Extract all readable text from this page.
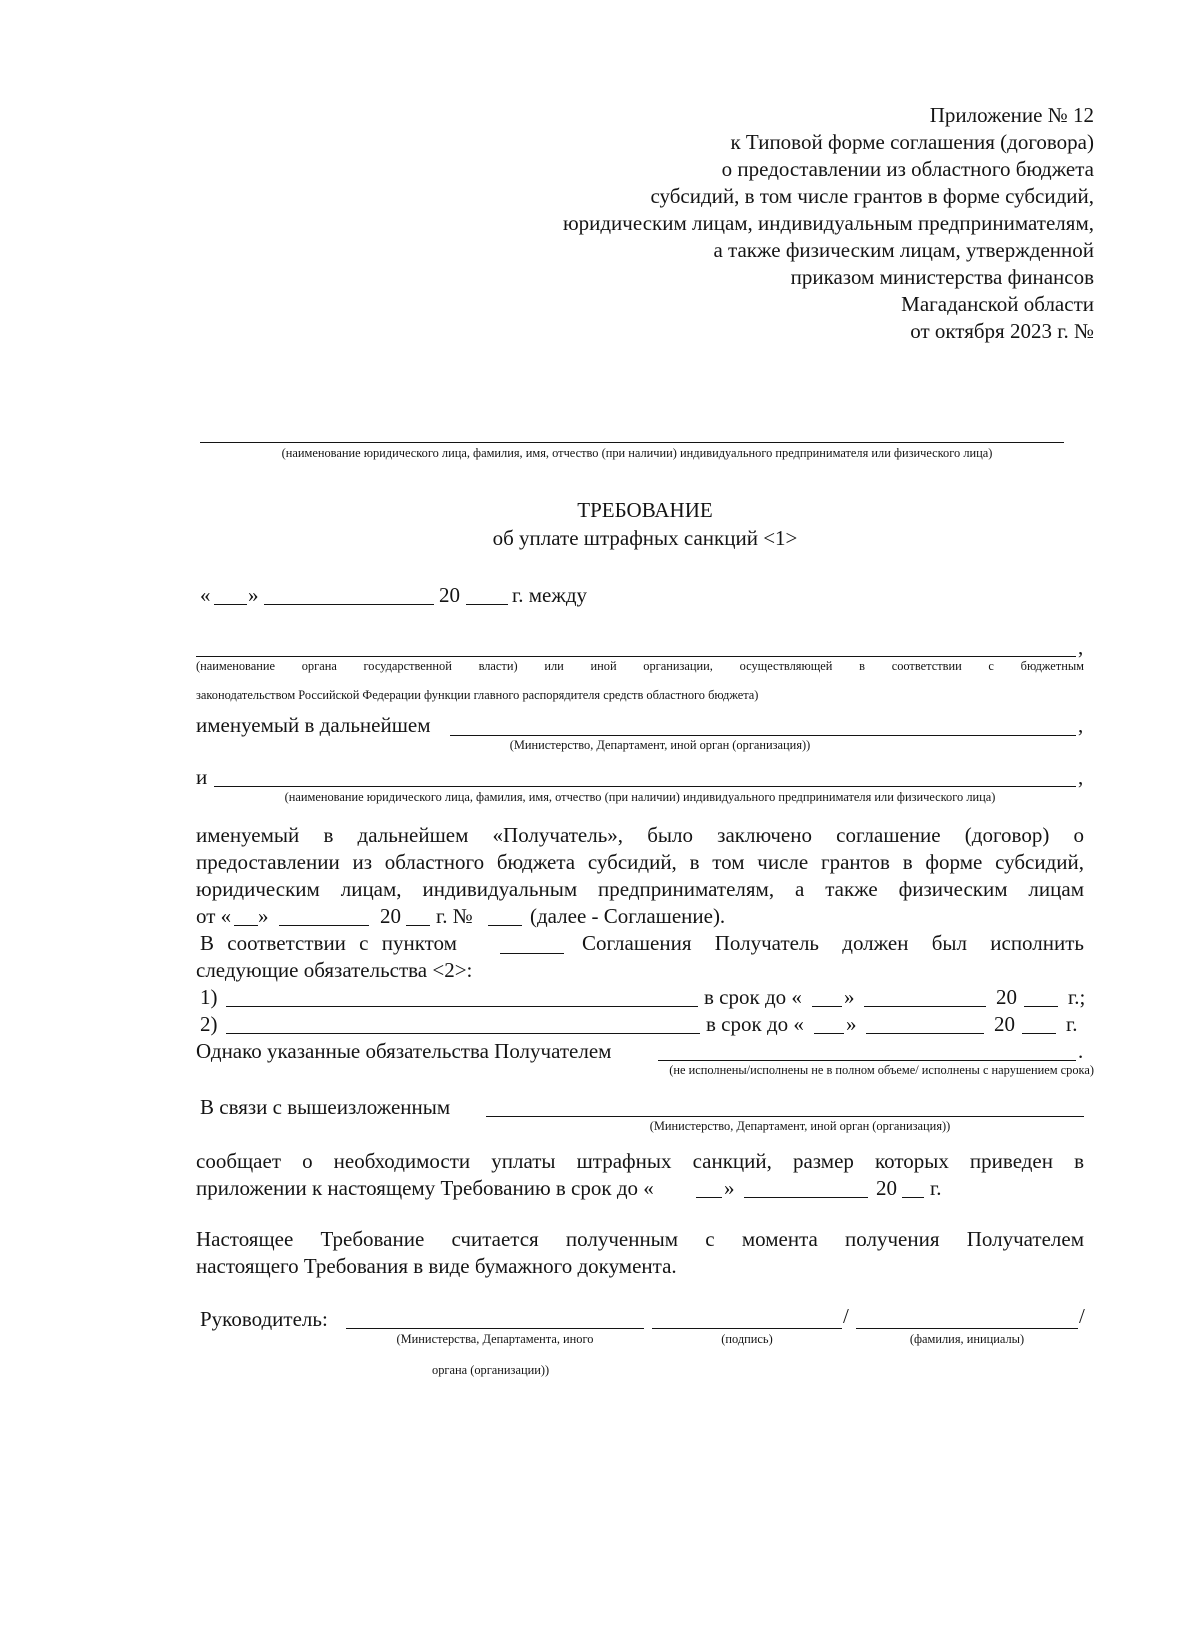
Приложение № 12
к Типовой форме соглашения (договора)
о предоставлении из областного бюджета
субсидий, в том числе грантов в форме субсидий,
юридическим лицам, индивидуальным предпринимателям,
а также физическим лицам, утвержденной
приказом министерства финансов
Магаданской области
от октября 2023 г. №
(наименование юридического лица, фамилия, имя, отчество (при наличии) индивидуального предпринимателя или физического лица)
ТРЕБОВАНИЕ
об уплате штрафных санкций <1>
« »	20 г. между
,
(наименование органа государственной власти) или иной организации, осуществляющей в соответствии с бюджетным
законодательством Российской Федерации функции главного распорядителя средств областного бюджета)
именуемый в дальнейшем	,
(Министерство, Департамент, иной орган (организация))
и	,
(наименование юридического лица, фамилия, имя, отчество (при наличии) индивидуального предпринимателя или физического лица)
именуемый в дальнейшем «Получатель», было заключено соглашение (договор) о
предоставлении из областного бюджета субсидий, в том числе грантов в форме субсидий,
юридическим лицам, индивидуальным предпринимателям, а также физическим лицам
от « »	20 г. №	(далее - Соглашение).
В соответствии с пунктом	Соглашения Получатель должен был исполнить
следующие обязательства <2>:
1)	в срок до « »	20 г.;
2)	в срок до « »	20 г.
Однако указанные обязательства Получателем	.
(не исполнены/исполнены не в полном объеме/ исполнены с нарушением срока)
В связи с вышеизложенным
(Министерство, Департамент, иной орган (организация))
сообщает о необходимости уплаты штрафных санкций, размер которых приведен в
приложении к настоящему Требованию в срок до «	»	20 г.
Настоящее Требование считается полученным с момента получения Получателем
настоящего Требования в виде бумажного документа.
Руководитель:	/	/
(Министерства, Департамента, иного	(подпись)	(фамилия, инициалы)
органа (организации))
